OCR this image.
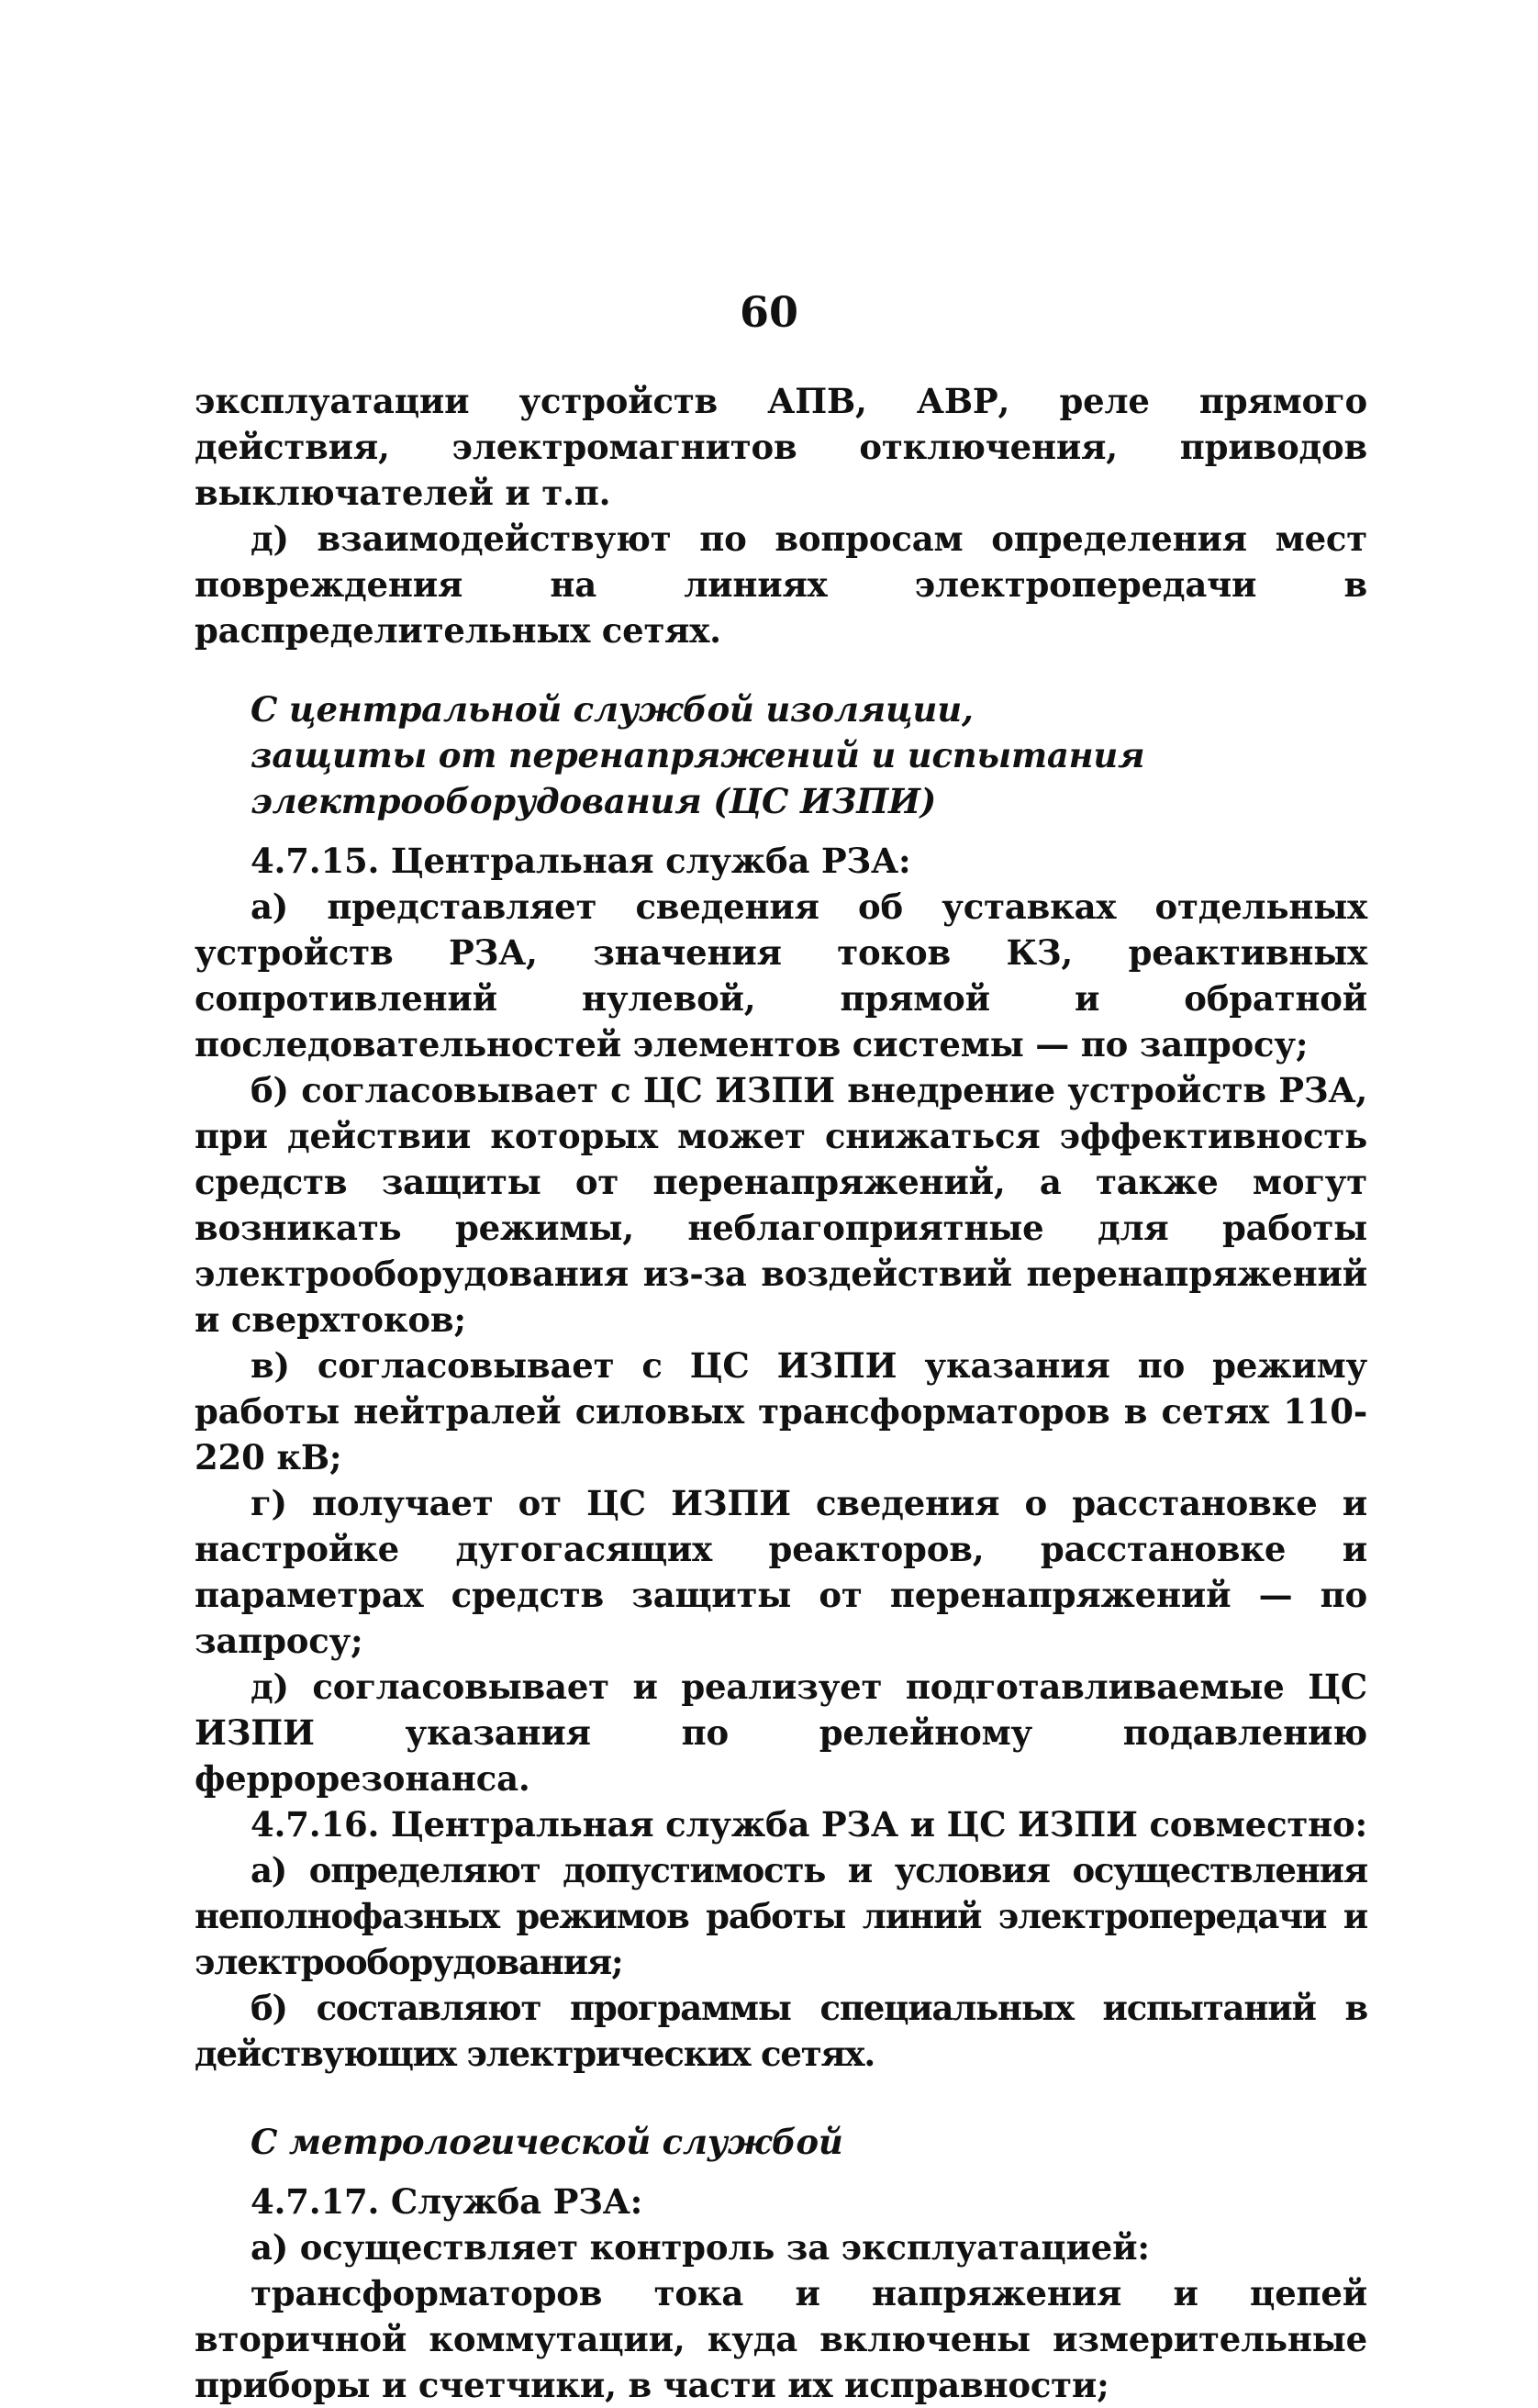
60

эксплуатации устройств АПВ, АВР, реле прямого действия, электромагнитов отключения, приводов выключателей и т.п.

д) взаимодействуют по вопросам определения мест повреждения на линиях электропередачи в распределительных сетях.

С центральной службой изоляции,
защиты от перенапряжений и испытания
электрооборудования (ЦС ИЗПИ)

4.7.15. Центральная служба РЗА:

а) представляет сведения об уставках отдельных устройств РЗА, значения токов КЗ, реактивных сопротивлений нулевой, прямой и обратной последовательностей элементов системы — по запросу;

б) согласовывает с ЦС ИЗПИ внедрение устройств РЗА, при действии которых может снижаться эффективность средств защиты от перенапряжений, а также могут возникать режимы, неблагоприятные для работы электрооборудования из-за воздействий перенапряжений и сверхтоков;

в) согласовывает с ЦС ИЗПИ указания по режиму работы нейтралей силовых трансформаторов в сетях 110-220 кВ;

г) получает от ЦС ИЗПИ сведения о расстановке и настройке дугогасящих реакторов, расстановке и параметрах средств защиты от перенапряжений — по запросу;

д) согласовывает и реализует подготавливаемые ЦС ИЗПИ указания по релейному подавлению феррорезонанса.

4.7.16. Центральная служба РЗА и ЦС ИЗПИ совместно:

а) определяют допустимость и условия осуществления неполнофазных режимов работы линий электропередачи и электрооборудования;

б) составляют программы специальных испытаний в действующих электрических сетях.

С метрологической службой

4.7.17. Служба РЗА:

а) осуществляет контроль за эксплуатацией:

трансформаторов тока и напряжения и цепей вторичной коммутации, куда включены измерительные приборы и счетчики, в части их исправности;
